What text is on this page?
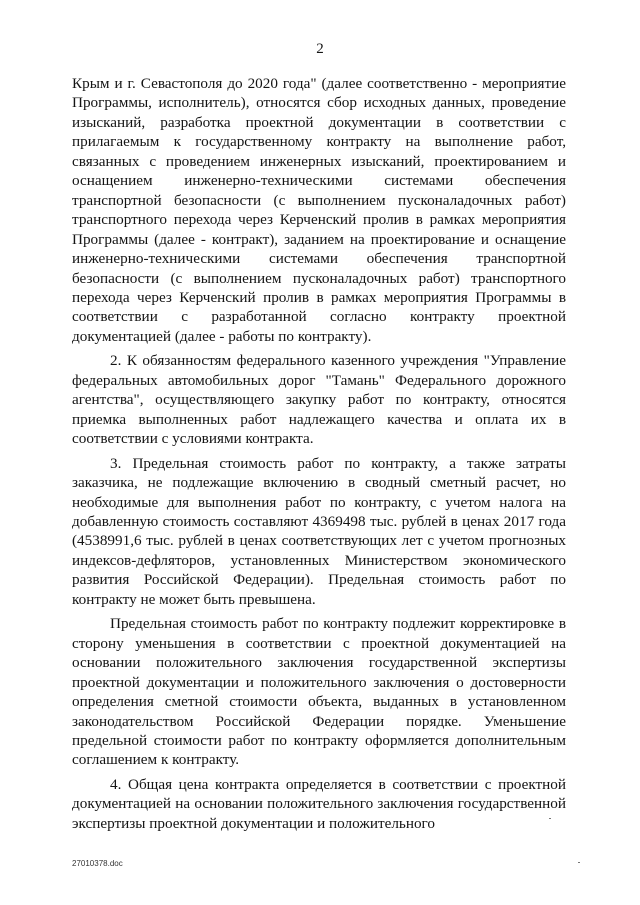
2

Крым и г. Севастополя до 2020 года" (далее соответственно - мероприятие Программы, исполнитель), относятся сбор исходных данных, проведение изысканий, разработка проектной документации в соответствии с прилагаемым к государственному контракту на выполнение работ, связанных с проведением инженерных изысканий, проектированием и оснащением инженерно-техническими системами обеспечения транспортной безопасности (с выполнением пусконаладочных работ) транспортного перехода через Керченский пролив в рамках мероприятия Программы (далее - контракт), заданием на проектирование и оснащение инженерно-техническими системами обеспечения транспортной безопасности (с выполнением пусконаладочных работ) транспортного перехода через Керченский пролив в рамках мероприятия Программы в соответствии с разработанной согласно контракту проектной документацией (далее - работы по контракту).

2. К обязанностям федерального казенного учреждения "Управление федеральных автомобильных дорог "Тамань" Федерального дорожного агентства", осуществляющего закупку работ по контракту, относятся приемка выполненных работ надлежащего качества и оплата их в соответствии с условиями контракта.

3. Предельная стоимость работ по контракту, а также затраты заказчика, не подлежащие включению в сводный сметный расчет, но необходимые для выполнения работ по контракту, с учетом налога на добавленную стоимость составляют 4369498 тыс. рублей в ценах 2017 года (4538991,6 тыс. рублей в ценах соответствующих лет с учетом прогнозных индексов-дефляторов, установленных Министерством экономического развития Российской Федерации). Предельная стоимость работ по контракту не может быть превышена.

Предельная стоимость работ по контракту подлежит корректировке в сторону уменьшения в соответствии с проектной документацией на основании положительного заключения государственной экспертизы проектной документации и положительного заключения о достоверности определения сметной стоимости объекта, выданных в установленном законодательством Российской Федерации порядке. Уменьшение предельной стоимости работ по контракту оформляется дополнительным соглашением к контракту.

4. Общая цена контракта определяется в соответствии с проектной документацией на основании положительного заключения государственной экспертизы проектной документации и положительного

27010378.doc
